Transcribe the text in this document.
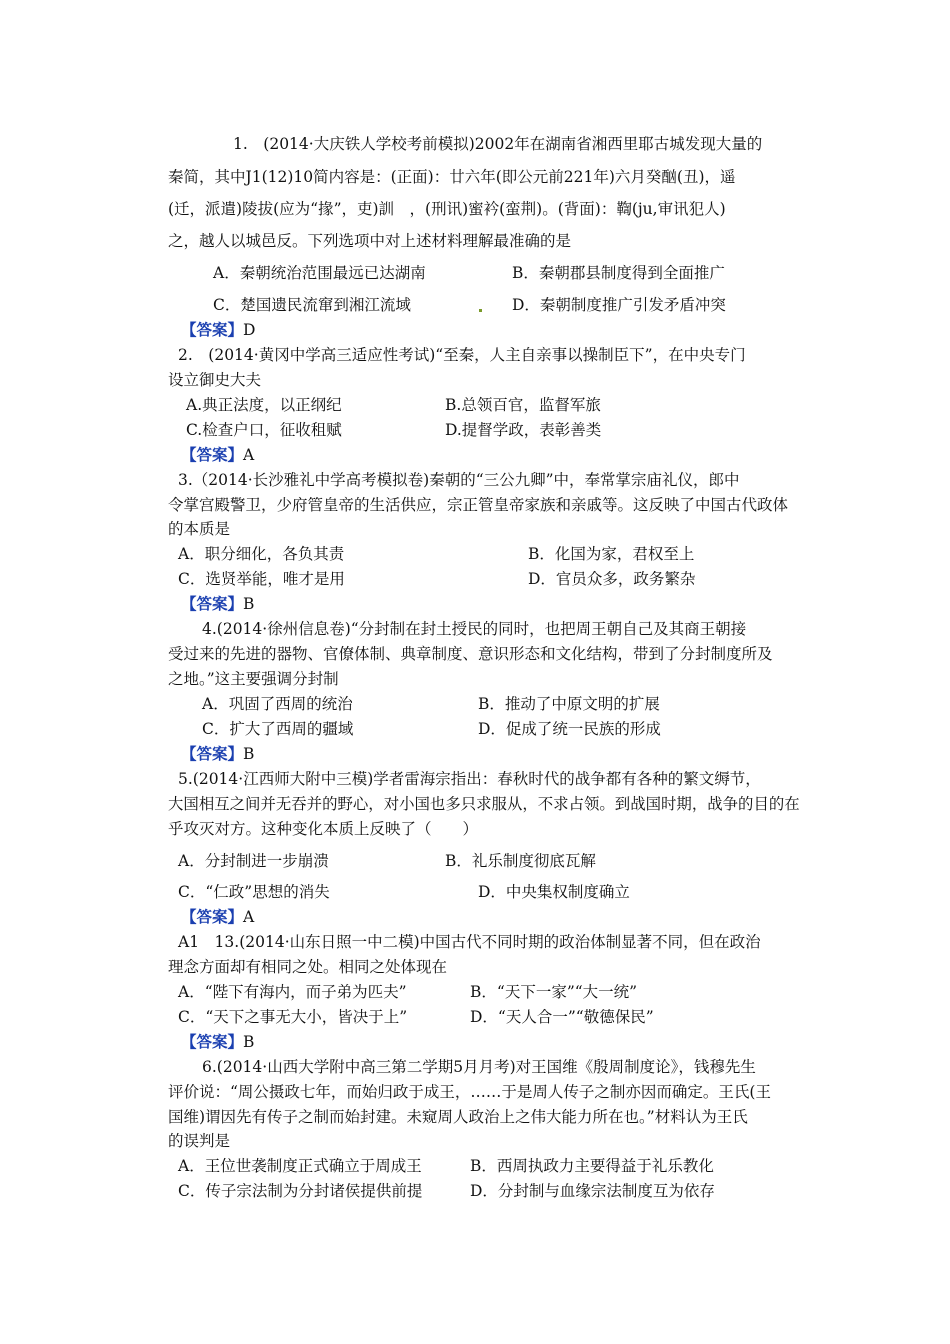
1.　(2014·大庆铁人学校考前模拟)2002年在湖南省湘西里耶古城发现大量的
秦简，其中J1(12)10简内容是：(正面)：廿六年(即公元前221年)六月癸酗(丑)，遥
(迁，派遣)陵拔(应为“掾”，吏)訓　，(刑讯)蜜衿(蛮荆)。(背面)：鞫(ju,审讯犯人)
之，越人以城邑反。下列选项中对上述材料理解最准确的是
A．秦朝统治范围最远已达湖南	B．秦朝郡县制度得到全面推广
C．楚国遗民流窜到湘江流域	D．秦朝制度推广引发矛盾冲突
【答案】D
2.　(2014·黄冈中学高三适应性考试)“至秦，人主自亲事以操制臣下”，在中央专门
设立御史大夫
A.典正法度，以正纲纪	B.总领百官，监督军旅
C.检查户口，征收租赋	D.提督学政，表彰善类
【答案】A
3.（2014·长沙雅礼中学高考模拟卷)秦朝的“三公九卿”中，奉常掌宗庙礼仪，郎中
令掌宫殿警卫，少府管皇帝的生活供应，宗正管皇帝家族和亲戚等。这反映了中国古代政体
的本质是
A．职分细化，各负其责	B．化国为家，君权至上
C．选贤举能，唯才是用	D．官员众多，政务繁杂
【答案】B
4.(2014·徐州信息卷)“分封制在封土授民的同时，也把周王朝自己及其商王朝接
受过来的先进的器物、官僚体制、典章制度、意识形态和文化结构，带到了分封制度所及
之地。”这主要强调分封制
A．巩固了西周的统治	B．推动了中原文明的扩展
C．扩大了西周的疆域	D．促成了统一民族的形成
【答案】B
5.(2014·江西师大附中三模)学者雷海宗指出：春秋时代的战争都有各种的繁文缛节，
大国相互之间并无吞并的野心，对小国也多只求服从，不求占领。到战国时期，战争的目的在
乎攻灭对方。这种变化本质上反映了（　　）
A．分封制进一步崩溃	B．礼乐制度彻底瓦解
C．“仁政”思想的消失	D．中央集权制度确立
【答案】A
A1　13.(2014·山东日照一中二模)中国古代不同时期的政治体制显著不同，但在政治
理念方面却有相同之处。相同之处体现在
A．“陛下有海内，而子弟为匹夫”	B．“天下一家”“大一统”
C．“天下之事无大小，皆决于上”	D．“天人合一”“敬德保民”
【答案】B
6.(2014·山西大学附中高三第二学期5月月考)对王国维《殷周制度论》，钱穆先生
评价说：“周公摄政七年，而始归政于成王，……于是周人传子之制亦因而确定。王氏(王
国维)谓因先有传子之制而始封建。未窥周人政治上之伟大能力所在也。”材料认为王氏
的误判是
A．王位世袭制度正式确立于周成王	B．西周执政力主要得益于礼乐教化
C．传子宗法制为分封诸侯提供前提	D．分封制与血缘宗法制度互为依存
